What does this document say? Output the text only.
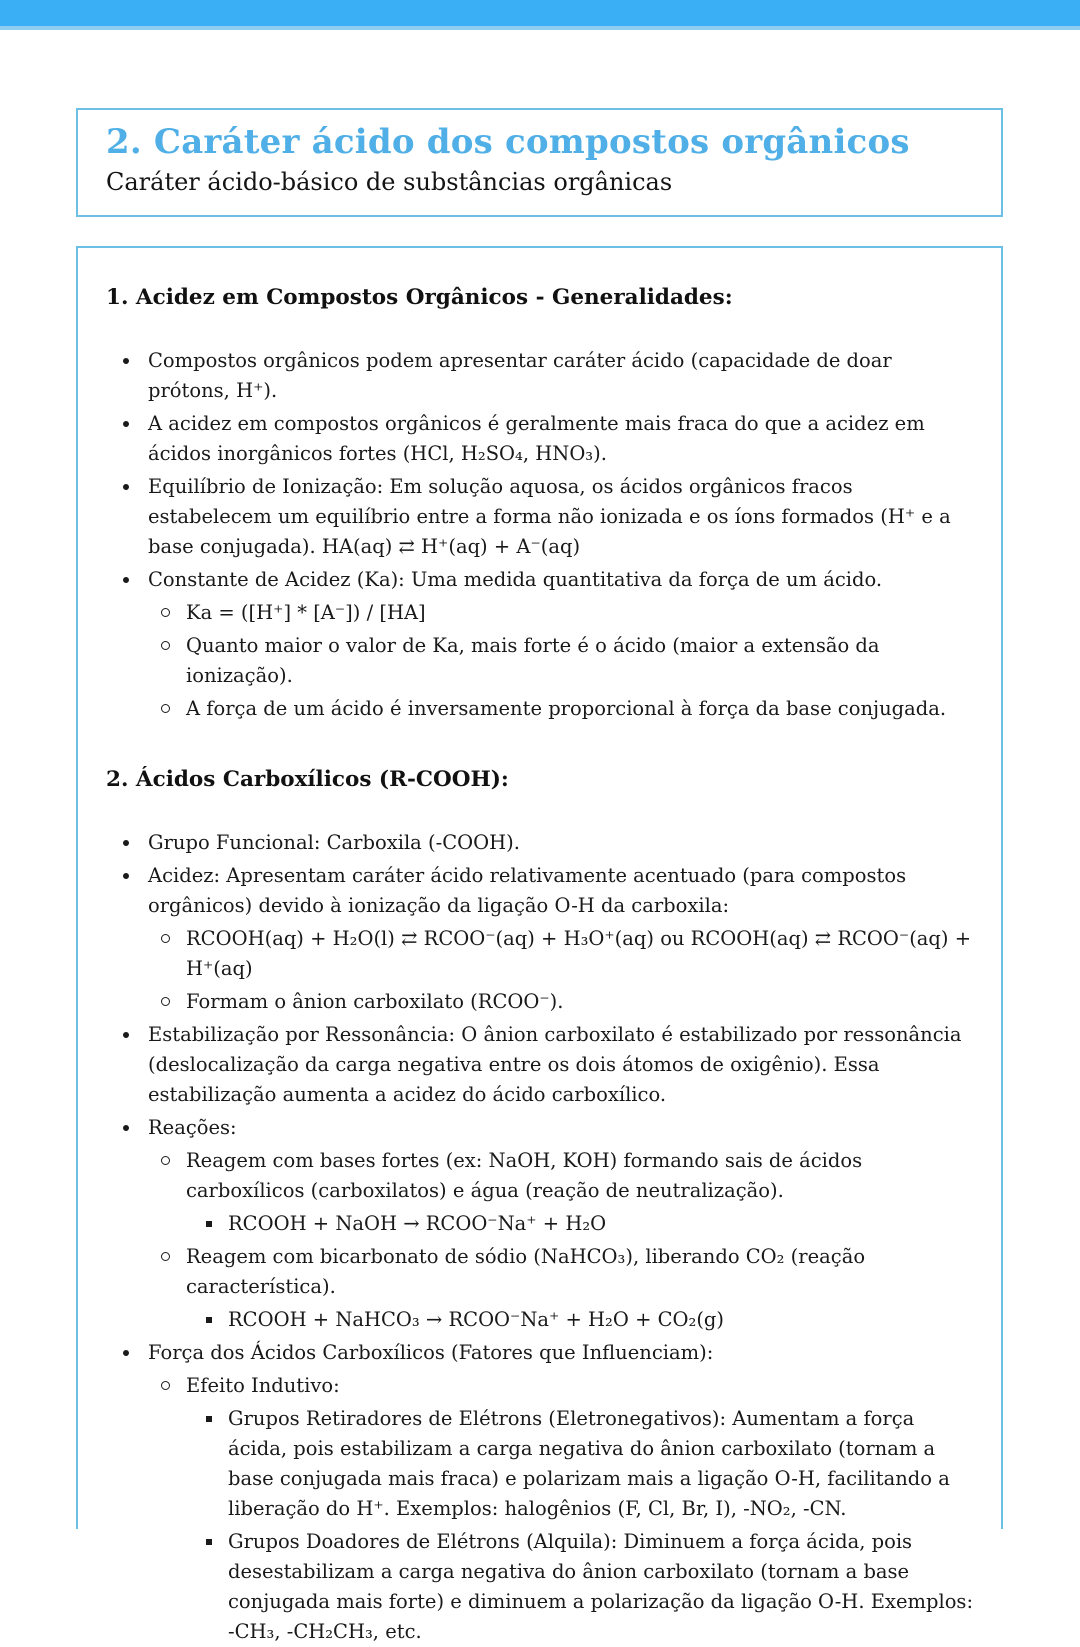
2. Caráter ácido dos compostos orgânicos

Caráter ácido-básico de substâncias orgânicas

1. Acidez em Compostos Orgânicos - Generalidades:
Compostos orgânicos podem apresentar caráter ácido (capacidade de doar prótons, H⁺).
A acidez em compostos orgânicos é geralmente mais fraca do que a acidez em ácidos inorgânicos fortes (HCl, H₂SO₄, HNO₃).
Equilíbrio de Ionização: Em solução aquosa, os ácidos orgânicos fracos estabelecem um equilíbrio entre a forma não ionizada e os íons formados (H⁺ e a base conjugada). HA(aq) ⇄ H⁺(aq) + A⁻(aq)
Constante de Acidez (Ka): Uma medida quantitativa da força de um ácido.
Ka = ([H⁺] * [A⁻]) / [HA]
Quanto maior o valor de Ka, mais forte é o ácido (maior a extensão da ionização).
A força de um ácido é inversamente proporcional à força da base conjugada.
2. Ácidos Carboxílicos (R-COOH):
Grupo Funcional: Carboxila (-COOH).
Acidez: Apresentam caráter ácido relativamente acentuado (para compostos orgânicos) devido à ionização da ligação O-H da carboxila:
RCOOH(aq) + H₂O(l) ⇄ RCOO⁻(aq) + H₃O⁺(aq) ou RCOOH(aq) ⇄ RCOO⁻(aq) + H⁺(aq)
Formam o ânion carboxilato (RCOO⁻).
Estabilização por Ressonância: O ânion carboxilato é estabilizado por ressonância (deslocalização da carga negativa entre os dois átomos de oxigênio). Essa estabilização aumenta a acidez do ácido carboxílico.
Reações:
Reagem com bases fortes (ex: NaOH, KOH) formando sais de ácidos carboxílicos (carboxilatos) e água (reação de neutralização).
RCOOH + NaOH → RCOO⁻Na⁺ + H₂O
Reagem com bicarbonato de sódio (NaHCO₃), liberando CO₂ (reação característica).
RCOOH + NaHCO₃ → RCOO⁻Na⁺ + H₂O + CO₂(g)
Força dos Ácidos Carboxílicos (Fatores que Influenciam):
Efeito Indutivo:
Grupos Retiradores de Elétrons (Eletronegativos): Aumentam a força ácida, pois estabilizam a carga negativa do ânion carboxilato (tornam a base conjugada mais fraca) e polarizam mais a ligação O-H, facilitando a liberação do H⁺. Exemplos: halogênios (F, Cl, Br, I), -NO₂, -CN.
Grupos Doadores de Elétrons (Alquila): Diminuem a força ácida, pois desestabilizam a carga negativa do ânion carboxilato (tornam a base conjugada mais forte) e diminuem a polarização da ligação O-H. Exemplos: -CH₃, -CH₂CH₃, etc.
